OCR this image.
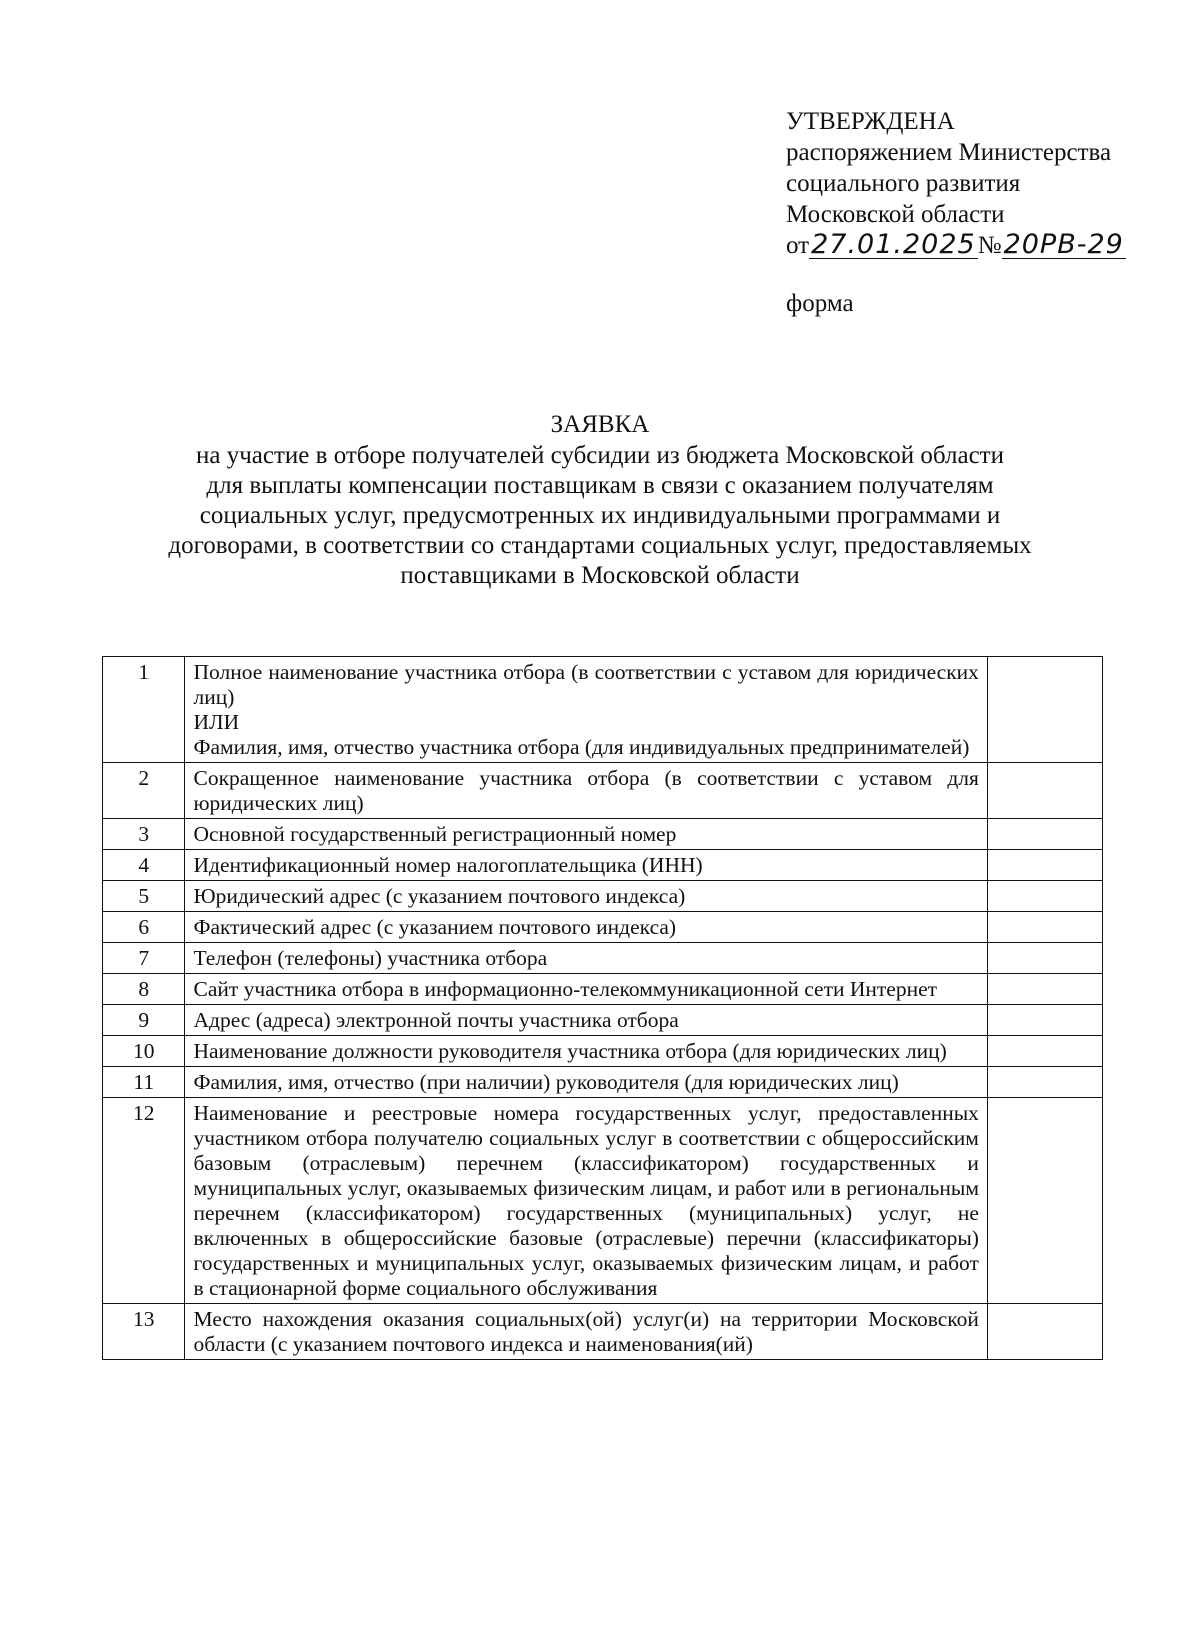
УТВЕРЖДЕНА
распоряжением Министерства
социального развития
Московской области
от 27.01.2025 № 20РВ-29
форма
ЗАЯВКА
на участие в отборе получателей субсидии из бюджета Московской области
для выплаты компенсации поставщикам в связи с оказанием получателям
социальных услуг, предусмотренных их индивидуальными программами и
договорами, в соответствии со стандартами социальных услуг, предоставляемых
поставщиками в Московской области
1	Полное наименование участника отбора (в соответствии с уставом для юридических лиц)
ИЛИ
Фамилия, имя, отчество участника отбора (для индивидуальных предпринимателей)	

2	Сокращенное наименование участника отбора (в соответствии с уставом для юридических лиц)	
3	Основной государственный регистрационный номер	
4	Идентификационный номер налогоплательщика (ИНН)	
5	Юридический адрес (с указанием почтового индекса)	
6	Фактический адрес (с указанием почтового индекса)	
7	Телефон (телефоны) участника отбора	
8	Сайт участника отбора в информационно-телекоммуникационной сети Интернет	
9	Адрес (адреса) электронной почты участника отбора	
10	Наименование должности руководителя участника отбора (для юридических лиц)	
11	Фамилия, имя, отчество (при наличии) руководителя (для юридических лиц)	
12	Наименование и реестровые номера государственных услуг, предоставленных участником отбора получателю социальных услуг в соответствии с общероссийским базовым (отраслевым) перечнем (классификатором) государственных и муниципальных услуг, оказываемых физическим лицам, и работ или в региональным перечнем (классификатором) государственных (муниципальных) услуг, не включенных в общероссийские базовые (отраслевые) перечни (классификаторы) государственных и муниципальных услуг, оказываемых физическим лицам, и работ в стационарной форме социального обслуживания	
13	Место нахождения оказания социальных(ой) услуг(и) на территории Московской области (с указанием почтового индекса и наименования(ий)	
